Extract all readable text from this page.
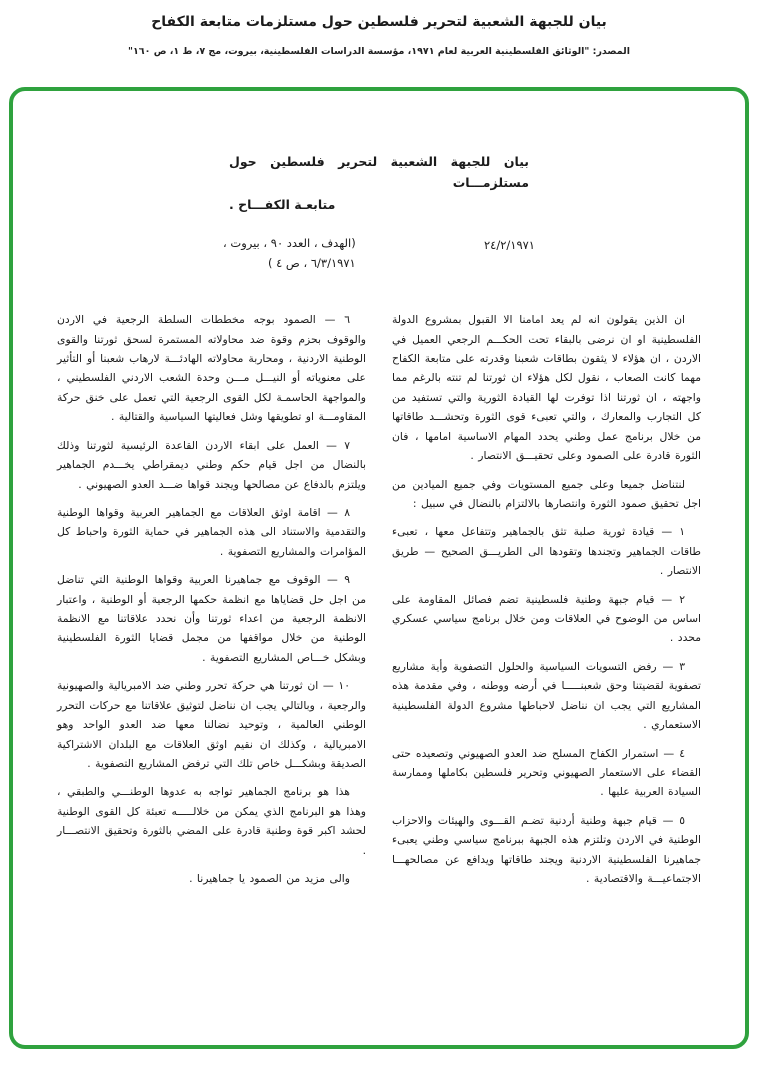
بيان للجبهة الشعبية لتحرير فلسطين حول مستلزمات متابعة الكفاح
المصدر: "الوثائق الفلسطينية العربية لعام ١٩٧١، مؤسسة الدراسات الفلسطينية، بيروت، مج ٧، ط ١، ص ١٦٠"
بيان للجبهة الشعبية لتحرير فلسطين حول مستلزمـــات
متابعـة الكفـــاح .
٢٤/٢/١٩٧١
(الهدف ، العدد ٩٠ ، بيروت ،
٦/٣/١٩٧١ ، ص ٤ )

ان الذين يقولون انه لم يعد امامنا الا القبول بمشروع الدولة الفلسطينية او ان نرضى بالبقاء تحت الحكـــم الرجعي العميل في الاردن ، ان هؤلاء لا يثقون بطاقات شعبنا وقدرته على متابعة الكفاح مهما كانت الصعاب ، نقول لكل هؤلاء ان ثورتنا لم تنته بالرغم مما واجهته ، ان ثورتنا اذا توفرت لها القيادة الثورية والتي تستفيد من كل التجارب والمعارك ، والتي تعبىء قوى الثورة وتحشـــد طاقاتها من خلال برنامج عمل وطني يحدد المهام الاساسية امامها ، فان الثورة قادرة على الصمود وعلى تحقيـــق الانتصار .

لنتناضل جميعا وعلى جميع المستويات وفي جميع الميادين من اجل تحقيق صمود الثورة وانتصارها بالالتزام بالنضال في سبيل :

١ — قيادة ثورية صلبة تثق بالجماهير وتتفاعل معها ، تعبىء طاقات الجماهير وتجندها وتقودها الى الطريـــق الصحيح — طريق الانتصار .

٢ — قيام جبهة وطنية فلسطينية تضم فصائل المقاومة على اساس من الوضوح في العلاقات ومن خلال برنامج سياسي عسكري محدد .

٣ — رفض التسويات السياسية والحلول التصفوية وأية مشاريع تصفوية لقضيتنا وحق شعبنـــــا في أرضه ووطنه ، وفي مقدمة هذه المشاريع التي يجب ان نناضل لاحباطها مشروع الدولة الفلسطينية الاستعماري .

٤ — استمرار الكفاح المسلح ضد العدو الصهيوني وتصعيده حتى القضاء على الاستعمار الصهيوني وتحرير فلسطين بكاملها وممارسة السيادة العربية عليها .

٥ — قيام جبهة وطنية أردنية تضـم القـــوى والهيئات والاحزاب الوطنية في الاردن وتلتزم هذه الجبهة ببرنامج سياسي وطني يعبىء جماهيرنا الفلسطينية الاردنية ويجند طاقاتها ويدافع عن مصالحهـــا الاجتماعيـــة والاقتصادية .

٦ — الصمود بوجه مخططات السلطة الرجعية في الاردن والوقوف بحزم وقوة ضد محاولاته المستمرة لسحق ثورتنا والقوى الوطنية الاردنية ، ومحاربة محاولاته الهادئـــة لارهاب شعبنا أو التأثير على معنوياته أو النيـــل مـــن وحدة الشعب الاردني الفلسطيني ، والمواجهة الحاسمـة لكل القوى الرجعية التي تعمل على خنق حركة المقاومـــة او تطويقها وشل فعاليتها السياسية والقتالية .

٧ — العمل على ابقاء الاردن القاعدة الرئيسية لثورتنا وذلك بالنضال من اجل قيام حكم وطني ديمقراطي يخـــدم الجماهير ويلتزم بالدفاع عن مصالحها ويجند قواها ضـــد العدو الصهيوني .

٨ — اقامة اوثق العلاقات مع الجماهير العربية وقواها الوطنية والتقدمية والاستناد الى هذه الجماهير في حماية الثورة واحباط كل المؤامرات والمشاريع التصفوية .

٩ — الوقوف مع جماهيرنا العربية وقواها الوطنية التي تناضل من اجل حل قضاياها مع انظمة حكمها الرجعية أو الوطنية ، واعتبار الانظمة الرجعية من اعداء ثورتنا وأن نحدد علاقاتنا مع الانظمة الوطنية من خلال مواقفها من مجمل قضايا الثورة الفلسطينية وبشكل خـــاص المشاريع التصفوية .

١٠ — ان ثورتنا هي حركة تحرر وطني ضد الامبريالية والصهيونية والرجعية ، وبالتالي يجب ان نناضل لتوثيق علاقاتنا مع حركات التحرر الوطني العالمية ، وتوحيد نضالنا معها ضد العدو الواحد وهو الامبريالية ، وكذلك ان نقيم اوثق العلاقات مع البلدان الاشتراكية الصديقة وبشكـــل خاص تلك التي ترفض المشاريع التصفوية .

هذا هو برنامج الجماهير تواجه به عدوها الوطنـــي والطبقي ، وهذا هو البرنامج الذي يمكن من خلالـــــه تعبئة كل القوى الوطنية لحشد اكبر قوة وطنية قادرة على المضي بالثورة وتحقيق الانتصـــار .

والى مزيد من الصمود يا جماهيرنا .
